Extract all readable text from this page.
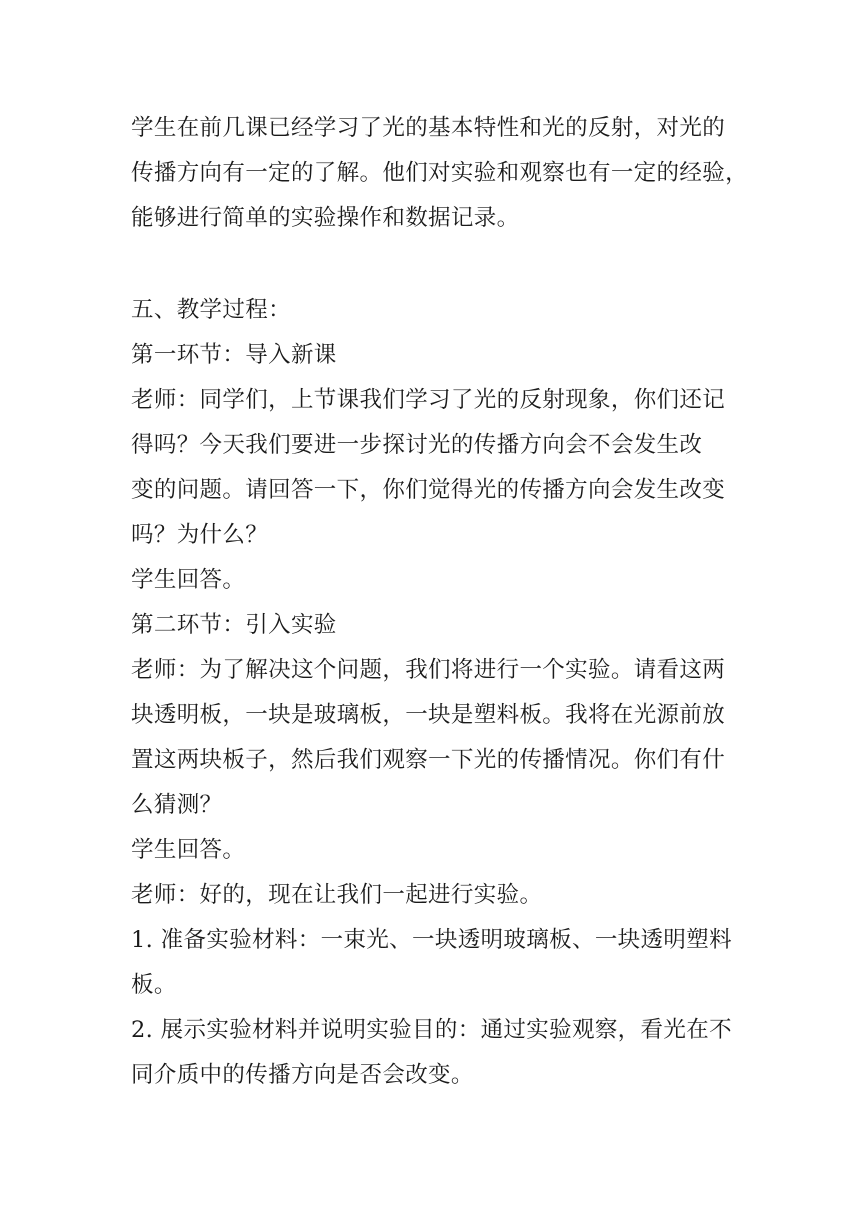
学生在前几课已经学习了光的基本特性和光的反射，对光的
传播方向有一定的了解。他们对实验和观察也有一定的经验，
能够进行简单的实验操作和数据记录。
五、教学过程：
第一环节：导入新课
老师：同学们，上节课我们学习了光的反射现象，你们还记
得吗？今天我们要进一步探讨光的传播方向会不会发生改
变的问题。请回答一下，你们觉得光的传播方向会发生改变
吗？为什么？
学生回答。
第二环节：引入实验
老师：为了解决这个问题，我们将进行一个实验。请看这两
块透明板，一块是玻璃板，一块是塑料板。我将在光源前放
置这两块板子，然后我们观察一下光的传播情况。你们有什
么猜测？
学生回答。
老师：好的，现在让我们一起进行实验。
1. 准备实验材料：一束光、一块透明玻璃板、一块透明塑料
板。
2. 展示实验材料并说明实验目的：通过实验观察，看光在不
同介质中的传播方向是否会改变。
